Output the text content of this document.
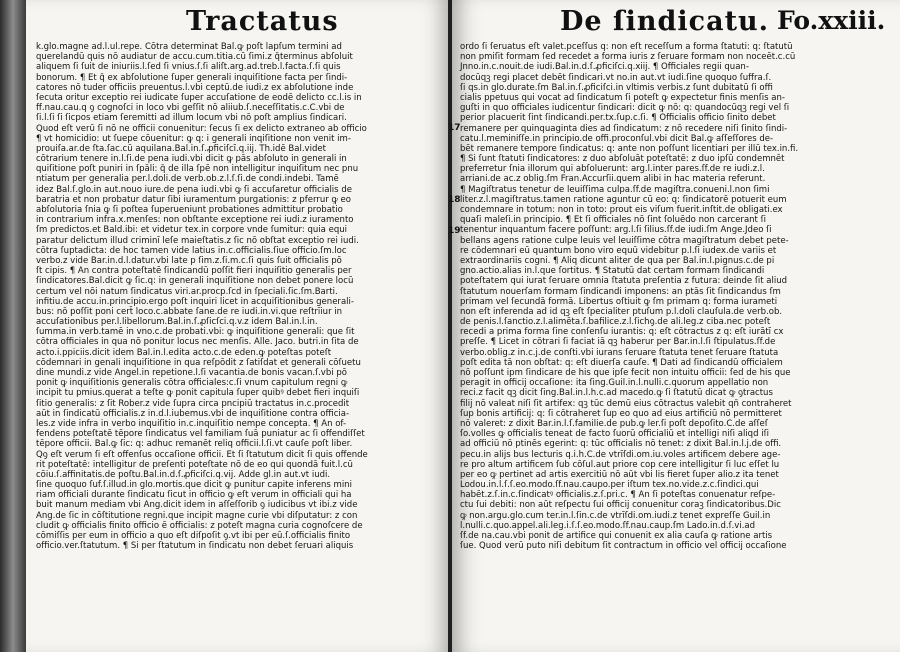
Tractatus
k.glo.magne ad.l.ul.repe. Cōtra determinat Bal.ꝙ poſt lapſum termini ad
querelandū quis nō audiatur de accu.cum.titia.cū ſimi.z q̄terminus abſoluit
aliquem ſi ſuit de iniuriis.l.ſed ſi vnius.ſ.ſi aliſt.arg.ad.treb.l.facta.ſ.ſi quis
bonorum. ¶ Et q̄ ex abſolutione ſuper generali inquiſitione facta per ſindi-
catores nō tuder officiis preuentus.l.vbi ceptū.de iudi.z ex abſolutione inde
ſecuta oritur exceptio rei iudicate ſuper accuſatione de eodē delicto cc.l.is in
ff.nau.cau.q ꝯ cognoſci in loco vbi geſſit nō aliiub.ſ.neceſſitatis.c.C.vbi de
ſi.l.ſi ſi ſicpos etiam ſeremitti ad illum locum vbi nō poſt amplius ſindicari.
Quod eſt verū ſi nō ne officii conuenitur: ſecus ſi ex delicto extraneo ab officio
¶ vt homicidio: ut ſuepe cōuenitur: ꝙ q: i generali inqiſitione non venit im-
prouiſa.ar.de ſta.ſac.cū aquilana.Bal.in.ſ.ꝓficiſcī.q.iij. Th.idē Bal.videt
cōtrarium tenere in.l.ſi.de pena iudi.vbi dicit ꝙ pās abſoluto in generali in
quiſitione poſt puniri in ſpāli: q̄ de illa ſpē non intelligitur inquiſitum nec pnu
ntiatum per generalia per.l.doli.de verb.ob.z.l.ſ.ſi.de condi.indebi. Tamē
idez Bal.ſ.glo.in aut.nouo iure.de pena iudi.vbi ꝙ ſi accuſaretur officialis de
baratria et non probatur datur ſibi iuramentum purgationis: z pferrur ꝙ eo
abſolutoria ſnia ꝙ ſi poſtea ſuperueniunt probationes admittitur probatio
in contrarium infra.x.menſes: non obſtante exceptione rei iudi.z iuramento
ſm predictos.et Bald.ibi: et videtur tex.in corpore vnde ſumitur: quia equi
paratur delictum illud criminī leſe maieſtatis.z ſic nō obſtat exceptio rei iudi.
cōtra ſuptadicta: de hoc tamen vide latius in.c.officialis.ſiue officio.ſm.loc
verbo.z vide Bar.in.d.l.datur.vbi late p ſim.z.ſi.m.c.ſi quis ſuit officialis pō
ſt cipis. ¶ An contra poteſtatē ſindicandū poſſit fieri inquiſitio generalis per
ſindicatores.Bal.dicit ꝙ ſic.q: in generali inquiſitione non debet ponere locū
certum vel nōi natum ſindicatus viri.ar.procp.ſcd in ſpeciali.ſic.ſm.Barti.
infitiu.de accu.in.principio.ergo poſt inquiri licet in acquiſitionibus generali-
bus: nō poſſit poni cert̄ loco.c.abbate ſane.de re iudi.in.vi.que reſtrīiur in
accuſationibus per.l.libellorum.Bal.in.ſ.ꝓſicſci.q.v.z idem Bal.in.l.in.
ſumma.in verb.tamē in vno.c.de probati.vbi: ꝙ inquiſitione generali: que ſit
cōtra officiales in qua nō ponitur locus nec menſis. Alle. Jaco. butri.in ſita de
acto.i.ppiciis.dicit idem Bal.in.l.edita acto.c.de eden.ꝙ poteſtas poteſt
cōdemnari in genali inquiſitione in qua reſpōdit z ſatiſdat et generali cōſuetu
dine mundi.z vide Angel.in repetione.l.ſi vacantia.de bonis vacan.ſ.vbi pō
ponit ꝙ inquiſitionis generalis cōtra officiales:c.ſi vnum capitulum regni ꝙ
incipit tu pmius.querat a teſte ꝙ ponit capitula ſuper quibꝰ debet fieri inquiſi
ſitio generalis: z ſit Rober.z vide ſupra circa pncipiū tractatus in.c.procedit
aūt in ſindicatū officialis.z in.d.l.iubemus.vbi de inquiſitione contra officia-
les.z vide infra in verbo inquiſitio in.c.inquiſitio nempe concepta. ¶ An of-
fendens poteſtatē tēpore ſindicatus vel familiam ſuā puniatur ac ſi offendiſſet
tēpore officii. Bal.ꝙ ſic: q: adhuc remanēt reliq officii.l.ſi.vt cauſe poſt liber.
Qꝯ eſt verum ſi eſt offenſus occaſione officii. Et ſi ſtatutum dicit ſi quis offende
rit poteſtatē: intelligitur de preſenti poteſtate nō de eo qui quondā fuit.l.cū
cōiu.ſ.affinitatis.de poſtu.Bal.in.d.ſ.ꝓficiſci.q.vij. Adde gl.in aut.vt iudi.
ſine quoquo ſuf.ſ.illud.in glo.mortis.que dicit ꝙ punitur capite inferens mini
riam officiali durante ſindicatu ſicut in officio ꝙ eſt verum in officiali qui ha
buit manum mediam vbi Ang.dicit idem in aſſeſſorib ꝯ iudicibus vt ibi.z vide
Ang.de ſic in cōſtitutione regni.que incipit magne curie vbi diſputatur: z con
cludit ꝙ officialis finito officio ē officialis: z poteſt magna curia cognoſcere de
cōmiſſis per eum in officio a quo eſt diſpoſit ꝯ.vt ibi per eū.ſ.officialis finito
officio.ver.ſtatutum. ¶ Si per ſtatutum in ſindicatu non debet ſeruari aliquis
De ſindicatu. Fo.xxiii.
ordo ſi ſeruatus eſt valet.pceſſus q: non eſt receſſum a forma ſtatuti: q: ſtatutū
non pmiſit formam ſed recedet a forma iuris z ſeruare formam non noceēt.c.cū
Jnno.in.c.nouit.de iudi.Bal.in.d.ſ.ꝓficiſci.q.xiij. ¶ Officiales regii quan-
docūqꝫ regi placet debēt ſindicari.vt no.in aut.vt iudi.ſine quoquo ſuffra.ſ.
ſi qs.in glo.durate.ſm Bal.in.ſ.ꝓficiſci.in vltimis verbis.z ſunt dubitatū ſi offi
cialis ppetuus qui vocat ad ſindicatum ſi poteſt ꝙ expectetur finis menſis an-
guſti in quo officiales iudicentur ſindicari: dicit ꝙ nō: q: quandocūqꝫ regi vel ſi
perior placuerit ſint ſindicandi.per.tx.ſup.c.ſi. ¶ Officialis officio ſinito debet
remanere per quinquaginta dies ad ſindicatum: z nō recedere niſi ſinito ſindi-
catu.l.meminiſſe.in principio.de offi.proconſul.vbi dicit Bal.ꝙ aſſeſſores de-
bēt remanere tempore ſindicatus: q: ante non poſſunt licentiari per illū tex.in.fi.
¶ Si ſunt ſtatuti ſindicatores: z duo abſoluāt poteſtatē: z duo ipſū condemnēt
preferretur ſnia illorum qui abſoluerunt: arg.l.inter pares.ſf.de re iudi.z.l.
arriani.de ac.z oblig.ſm Fran.Accurſii.quem alibi in hac materia referunt.
¶ Magiſtratus tenetur de leuiſſima culpa.ſf.de magiſtra.conueni.l.non ſimi
liter.z.l.magiſtratus.tamen ratione aguntur cū eo: q: ſindicatorē potuerit eum
condemnare in totum: non in toto: prout eis viſum fuerit.inſtit.de obligati.ex
quaſi maleſi.in principio. ¶ Et ſi officiales nō ſint ſoluēdo non carcerant ſi
tenentur inquantum facere poſſunt: arg.l.ſi ſilius.ſf.de iudi.ſm Ange.Jdeo ſi
bellans agens ratione culpe leuis vel leuiſſime cōtra magiſtratum debet pete-
re cōdemnari eū quantum bono viro equū videbitur p.l.ſi iudex.de variis et
extraordinariis cogni. ¶ Aliq dicunt aliter de qua per Bal.in.l.pignus.c.de pi
gno.actio.alias in.l.que ſortitus. ¶ Statutū dat certam formam ſindicandi
poteſtatem qui iurat ſeruare omnia ſtatuta preſentia z futura: deinde ſit aliud
ſtatutum nouerſam formam ſindicandi imponens: an ptās ſit ſindicandus ſm
primam vel ſecundā formā. Libertus oſtiuit ꝙ ſm primam q: forma iurameti
non eſt inferenda ad id qꝫ eſt ſpecialiter ptuſum p.l.doli clauſula.de verb.ob.
de penis.l.ſanctio.z.l.alimēta.ſ.bafilice.z.l.ſichꝯ.de ali.leg.z ciba.nec poteſt
recedi a prima forma ſine conſenſu iurantis: q: eſt cōtractus z q: eſt iurātī cx
preſſe. ¶ Licet in cōtrari ſi faciat iā qꝫ haberur per Bar.in.l.ſi ſtipulatus.ſf.de
verbo.oblig.z in.c.j.de conſti.vbi iurans ſeruare ſtatuta tenet ſeruare ſtatuta
poſt edita tā non obſtat: q: eſt diuerſa cauſe. ¶ Dati ad ſindicandū officialem
nō poſſunt ipm ſindicare de his que ipſe fecit non intuitu officii: ſed de his que
peragit in officij occaſione: ita ſing.Guil.in.l.nulli.c.quorum appellatio non
reci.z facit qꝫ dicit ſing.Bal.in.l.h.c.ad macedo.ꝙ ſi ſtatutū dicat ꝙ ꝯtractus
filij nō valeat niſi ſit artifex: qꝫ tūc demū eius cōtractus valebit qn̄ contraheret
ſup bonis artificij: q: ſi cōtraheret ſup eo quo ad eius artificiū nō permitteret
nō valeret: z dixit Bar.in.l.ſ.familie.de pub.ꝙ ler.ſi poſt depoſito.C.de aſſeſ
ſo.volles ꝙ officialis teneat de facto ſuorū officialiū et intelligi niſi aliqd iſi
ad officiū nō ptinēs egerint: q: tūc officialis nō tenet: z dixit Bal.in.l.j.de offi.
pecu.in alijs bus lecturis q.i.h.C.de vtrīſdi.om.iu.voles artificem debere age-
re pro altum artificem ſub cōſul.aut priore cop cere intelligitur ſi luc eſſet lu
per eo ꝙ pertinet ad artis exercitiū nō aūt vbi lis fieret ſuper alio.z ita tenet
Lodou.in.l.ſ.ſ.eo.modo.ſf.nau.caupo.per iſtum tex.no.vide.z.c.ſindici.qui
habēt.z.ſ.in.c.ſindicatꝰ officialis.z.ſ.pri.c. ¶ An ſi poteſtas conuenatur reſpe-
ctu ſui debiti: non aūt reſpectu ſui officij conuenitur coraꝫ ſindicatoribus.Dic
ꝙ non.argu.glo.cum ter.in.l.ſin.c.de vtrīſdi.om.iudi.z tenet expreſſe Guil.in
l.nulli.c.quo.appel.ali.leg.i.ſ.ſ.eo.modo.ſf.nau.caup.ſm Lado.in.d.ſ.vi.ad
ſf.de na.cau.vbi ponit de artifice qui conuenit ex alia cauſa ꝙ ratione artis
ſue. Quod verū puto niſi debitum ſit contractum in officio vel officij occaſione
17
18
19
